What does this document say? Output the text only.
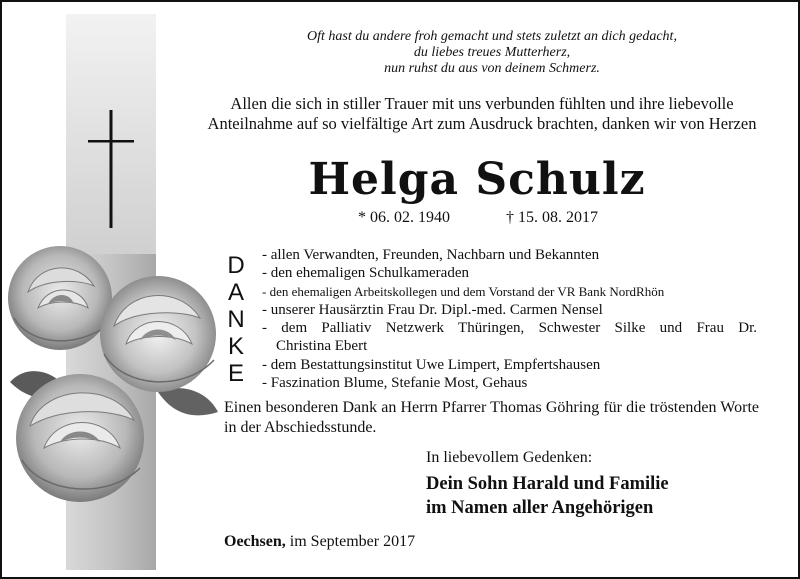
Oft hast du andere froh gemacht und stets zuletzt an dich gedacht,
du liebes treues Mutterherz,
nun ruhst du aus von deinem Schmerz.
Allen die sich in stiller Trauer mit uns verbunden fühlten und ihre liebevolle
Anteilnahme auf so vielfältige Art zum Ausdruck brachten, danken wir von Herzen
Helga Schulz
* 06. 02. 1940	† 15. 08. 2017
D
A
N
K
E
- allen Verwandten, Freunden, Nachbarn und Bekannten
- den ehemaligen Schulkameraden
- den ehemaligen Arbeitskollegen und dem Vorstand der VR Bank NordRhön
- unserer Hausärztin Frau Dr. Dipl.-med. Carmen Nensel
- dem Palliativ Netzwerk Thüringen, Schwester Silke und Frau Dr.
Christina Ebert
- dem Bestattungsinstitut Uwe Limpert, Empfertshausen
- Faszination Blume, Stefanie Most, Gehaus
Einen besonderen Dank an Herrn Pfarrer Thomas Göhring für die tröstenden Worte in der Abschiedsstunde.
In liebevollem Gedenken:
Dein Sohn Harald und Familie
im Namen aller Angehörigen
Oechsen, im September 2017
